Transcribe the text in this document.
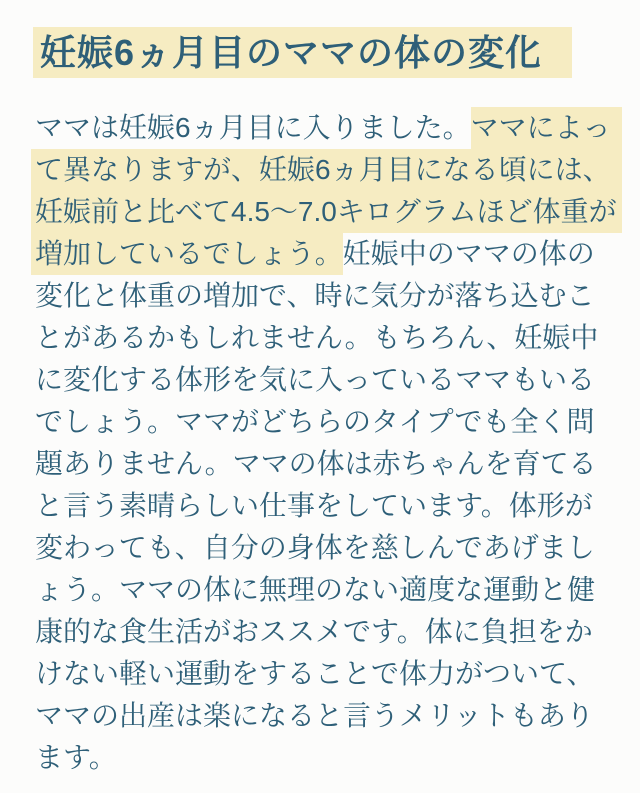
妊娠6ヵ月目のママの体の変化
ママは妊娠6ヵ月目に入りました。 ママによっ
て異なりますが、妊娠6ヵ月目になる頃には、
妊娠前と比べて4.5～7.0キログラムほど体重が
増加しているでしょう。 妊娠中のママの体の
変化と体重の増加で、時に気分が落ち込むこ
とがあるかもしれません。もちろん、妊娠中
に変化する体形を気に入っているママもいる
でしょう。ママがどちらのタイプでも全く問
題ありません。ママの体は赤ちゃんを育てる
と言う素晴らしい仕事をしています。体形が
変わっても、自分の身体を慈しんであげまし
ょう。ママの体に無理のない適度な運動と健
康的な食生活がおススメです。体に負担をか
けない軽い運動をすることで体力がついて、
ママの出産は楽になると言うメリットもあり
ます。
